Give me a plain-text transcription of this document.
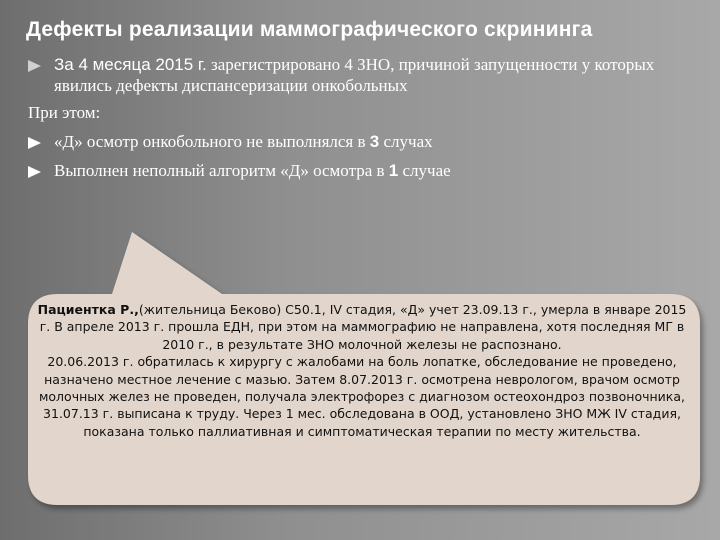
Дефекты реализации маммографического скрининга
За 4 месяца 2015 г. зарегистрировано 4 ЗНО, причиной запущенности у которых явились дефекты диспансеризации онкобольных
При этом:
«Д» осмотр онкобольного не выполнялся в 3 случах
Выполнен неполный алгоритм «Д» осмотра в 1 случае
Пациентка Р.,(жительница Беково) С50.1, IV стадия, «Д» учет 23.09.13 г., умерла в январе 2015 г. В апреле 2013 г. прошла ЕДН, при этом на маммографию не направлена, хотя последняя МГ в 2010 г., в результате ЗНО молочной железы не распознано.
20.06.2013 г. обратилась к хирургу с жалобами на боль лопатке, обследование не проведено, назначено местное лечение с мазью. Затем 8.07.2013 г. осмотрена неврологом, врачом осмотр молочных желез не проведен, получала электрофорез с диагнозом остеохондроз позвоночника, 31.07.13 г. выписана к труду. Через 1 мес. обследована в ООД, установлено ЗНО МЖ IV стадия, показана только паллиативная и симптоматическая терапии по месту жительства.
